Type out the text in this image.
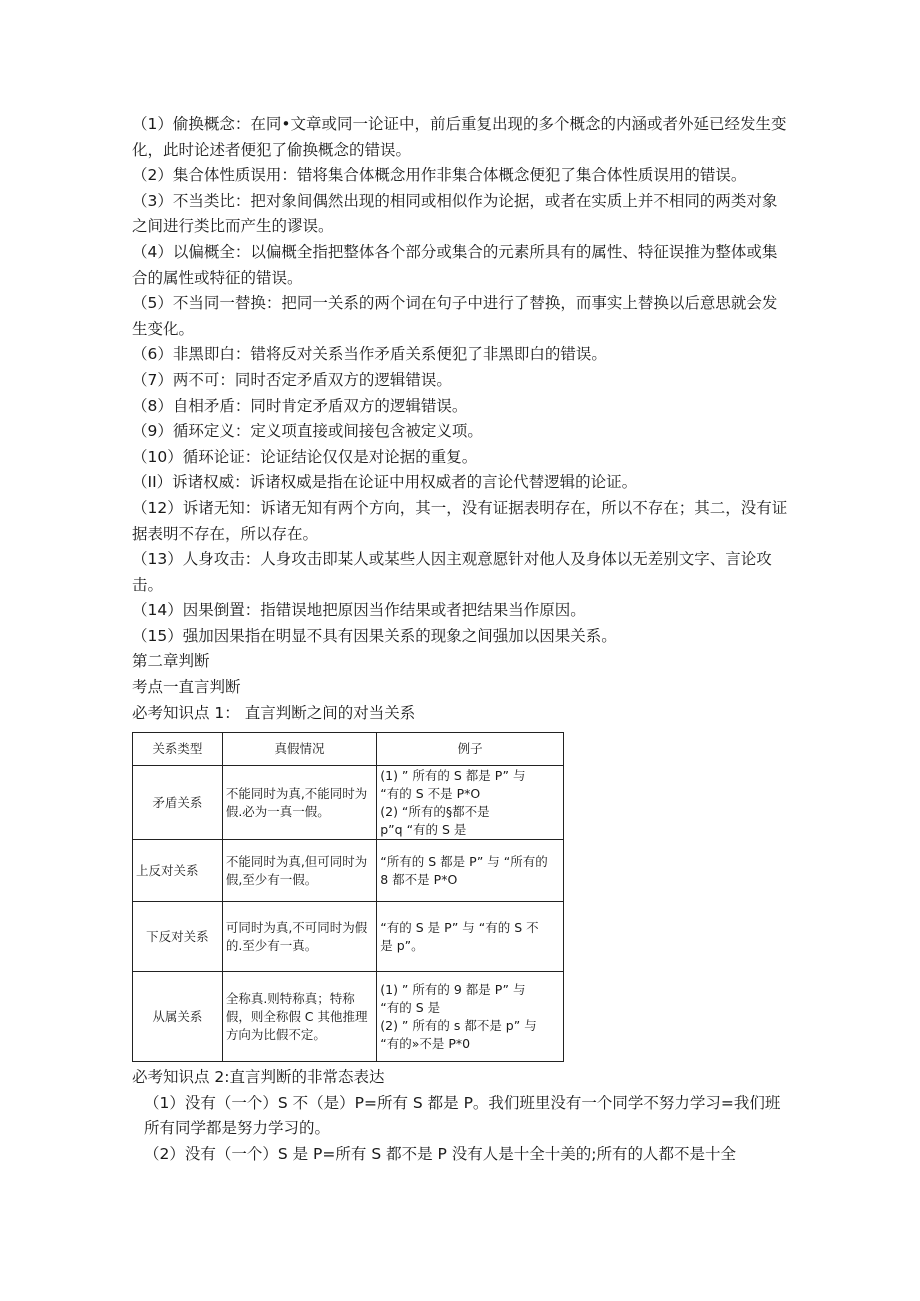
（1）偷换概念：在同•文章或同一论证中，前后重复出现的多个概念的内涵或者外延已经发生变化，此时论述者便犯了偷换概念的错误。

（2）集合体性质误用：错将集合体概念用作非集合体概念便犯了集合体性质误用的错误。

（3）不当类比：把对象间偶然出现的相同或相似作为论据，或者在实质上并不相同的两类对象之间进行类比而产生的谬误。

（4）以偏概全：以偏概全指把整体各个部分或集合的元素所具有的属性、特征误推为整体或集合的属性或特征的错误。

（5）不当同一替换：把同一关系的两个词在句子中进行了替换，而事实上替换以后意思就会发生变化。

（6）非黑即白：错将反对关系当作矛盾关系便犯了非黑即白的错误。

（7）两不可：同时否定矛盾双方的逻辑错误。

（8）自相矛盾：同时肯定矛盾双方的逻辑错误。

（9）循环定义：定义项直接或间接包含被定义项。

（10）循环论证：论证结论仅仅是对论据的重复。

（II）诉诸权威：诉诸权威是指在论证中用权威者的言论代替逻辑的论证。

（12）诉诸无知：诉诸无知有两个方向，其一，没有证据表明存在，所以不存在；其二，没有证据表明不存在，所以存在。

（13）人身攻击：人身攻击即某人或某些人因主观意愿针对他人及身体以无差别文字、言论攻击。

（14）因果倒置：指错误地把原因当作结果或者把结果当作原因。

（15）强加因果指在明显不具有因果关系的现象之间强加以因果关系。

第二章判断

考点一直言判断

必考知识点 1： 直言判断之间的对当关系

关系类型	真假情况	例子
矛盾关系	不能同时为真,不能同时为假.必为一真一假。	(1) ” 所有的 S 都是 P” 与
“有的 S 不是 P*O
(2) “所有的§都不是
p”q “有的 S 是

上反对关系	不能同时为真,但可同时为假,至少有一假。	“所有的 S 都是 P” 与 “所有的
8 都不是 P*O

下反对关系	可同时为真,不可同时为假的.至少有一真。	“有的 S 是 P” 与 “有的 S 不
是 p”。

从属关系	全称真.则特称真；特称假，则全称假 C 其他推理方向为比假不定。	(1) ” 所有的 9 都是 P” 与
“有的 S 是
(2) ” 所有的 s 都不是 p” 与
“有的»不是 P*0

必考知识点 2:直言判断的非常态表达

（1）没有（一个）S 不（是）P=所有 S 都是 P。我们班里没有一个同学不努力学习=我们班所有同学都是努力学习的。

（2）没有（一个）S 是 P=所有 S 都不是 P 没有人是十全十美的;所有的人都不是十全
